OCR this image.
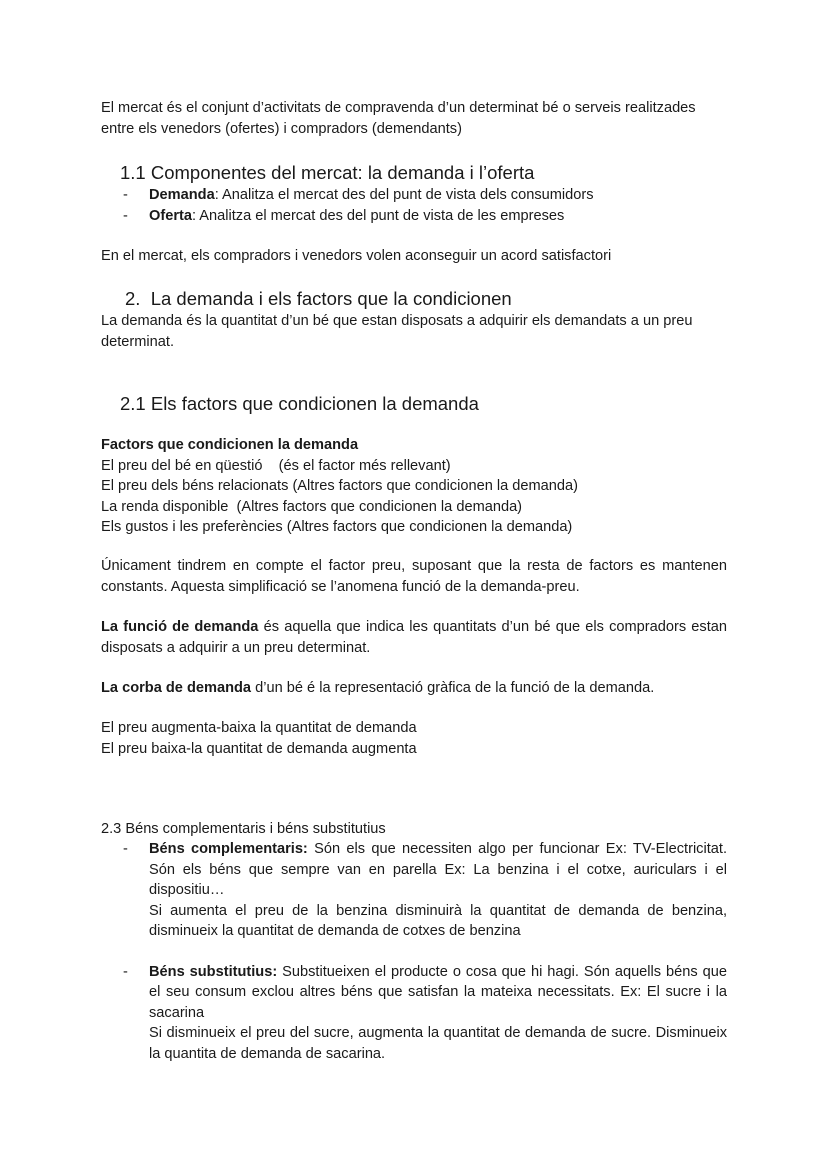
El mercat és el conjunt d’activitats de compravenda d’un determinat bé o serveis realitzades entre els venedors (ofertes) i compradors (demendants)

1.1 Componentes del mercat: la demanda i l’oferta
- Demanda: Analitza el mercat des del punt de vista dels consumidors
- Oferta: Analitza el mercat des del punt de vista de les empreses

En el mercat, els compradors i venedors volen aconseguir un acord satisfactori

2. La demanda i els factors que la condicionen

La demanda és la quantitat d’un bé que estan disposats a adquirir els demandats a un preu determinat.

2.1 Els factors que condicionen la demanda

Factors que condicionen la demanda

El preu del bé en qüestió    (és el factor més rellevant)

El preu dels béns relacionats (Altres factors que condicionen la demanda)

La renda disponible  (Altres factors que condicionen la demanda)

Els gustos i les preferències (Altres factors que condicionen la demanda)

Únicament tindrem en compte el factor preu, suposant que la resta de factors es mantenen constants. Aquesta simplificació se l’anomena funció de la demanda-preu.

La funció de demanda és aquella que indica les quantitats d’un bé que els compradors estan disposats a adquirir a un preu determinat.

La corba de demanda d’un bé é la representació gràfica de la funció de la demanda.

El preu augmenta-baixa la quantitat de demanda

El preu baixa-la quantitat de demanda augmenta

2.3 Béns complementaris i béns substitutius

- Béns complementaris: Són els que necessiten algo per funcionar Ex: TV-Electricitat. Són els béns que sempre van en parella Ex: La benzina i el cotxe, auriculars i el dispositiu…

Si aumenta el preu de la benzina disminuirà la quantitat de demanda de benzina, disminueix la quantitat de demanda de cotxes de benzina

- Béns substitutius: Substitueixen el producte o cosa que hi hagi. Són aquells béns que el seu consum exclou altres béns que satisfan la mateixa necessitats. Ex: El sucre i la sacarina

Si disminueix el preu del sucre, augmenta la quantitat de demanda de sucre. Disminueix la quantita de demanda de sacarina.
